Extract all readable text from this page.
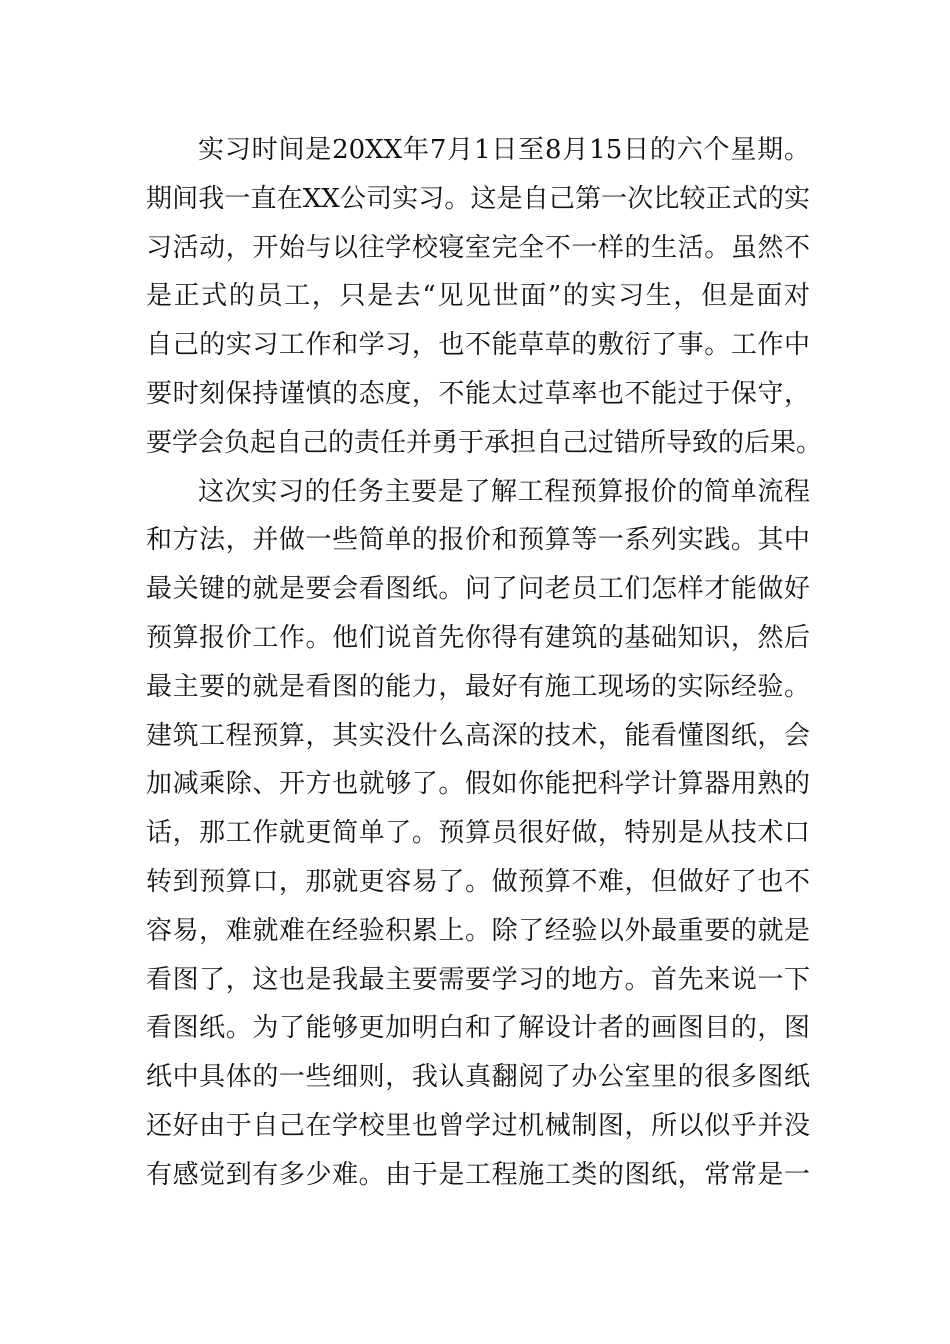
实习时间是20XX年7月1日至8月15日的六个星期。
期间我一直在XX公司实习。这是自己第一次比较正式的实
习活动，开始与以往学校寝室完全不一样的生活。虽然不
是正式的员工，只是去“见见世面”的实习生，但是面对
自己的实习工作和学习，也不能草草的敷衍了事。工作中
要时刻保持谨慎的态度，不能太过草率也不能过于保守，
要学会负起自己的责任并勇于承担自己过错所导致的后果。
这次实习的任务主要是了解工程预算报价的简单流程
和方法，并做一些简单的报价和预算等一系列实践。其中
最关键的就是要会看图纸。问了问老员工们怎样才能做好
预算报价工作。他们说首先你得有建筑的基础知识，然后
最主要的就是看图的能力，最好有施工现场的实际经验。
建筑工程预算，其实没什么高深的技术，能看懂图纸，会
加减乘除、开方也就够了。假如你能把科学计算器用熟的
话，那工作就更简单了。预算员很好做，特别是从技术口
转到预算口，那就更容易了。做预算不难，但做好了也不
容易，难就难在经验积累上。除了经验以外最重要的就是
看图了，这也是我最主要需要学习的地方。首先来说一下
看图纸。为了能够更加明白和了解设计者的画图目的，图
纸中具体的一些细则，我认真翻阅了办公室里的很多图纸
还好由于自己在学校里也曾学过机械制图，所以似乎并没
有感觉到有多少难。由于是工程施工类的图纸，常常是一
